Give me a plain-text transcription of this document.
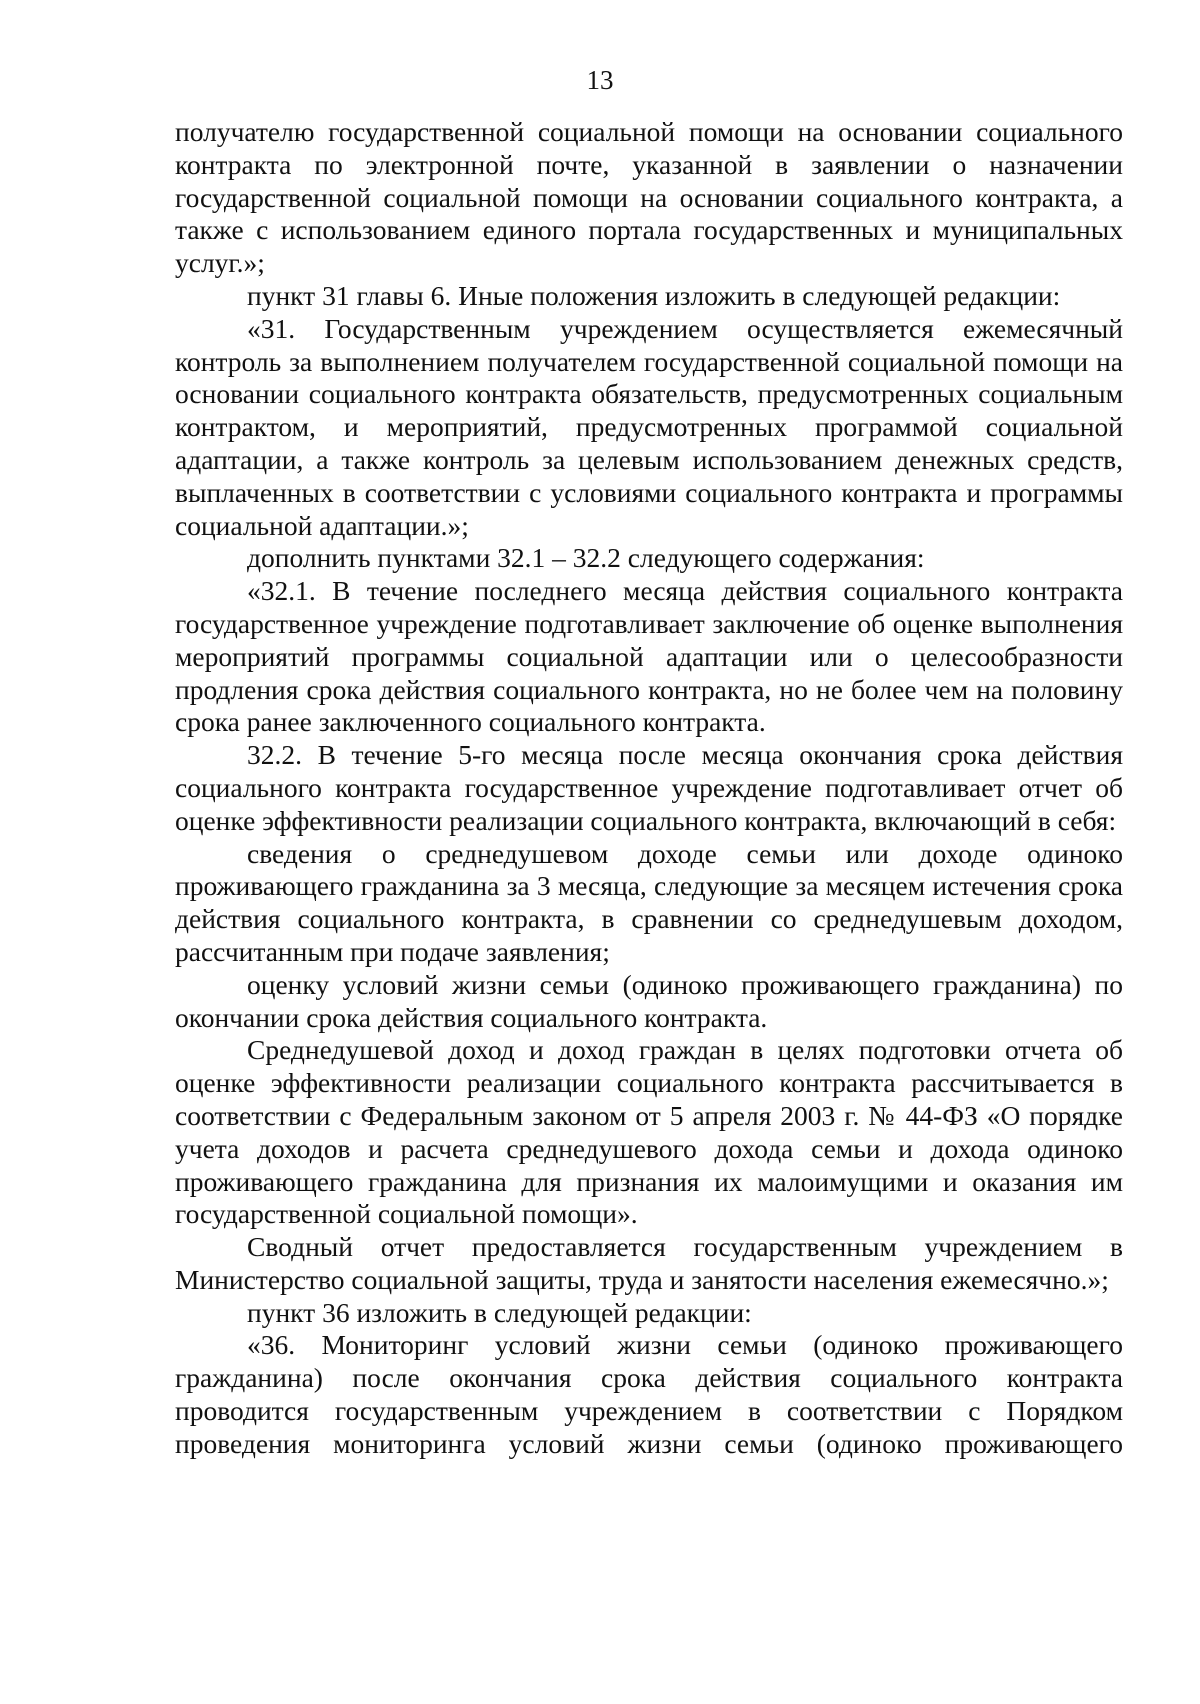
13

получателю государственной социальной помощи на основании социального контракта по электронной почте, указанной в заявлении о назначении государственной социальной помощи на основании социального контракта, а также с использованием единого портала государственных и муниципальных услуг.»;

пункт 31 главы 6. Иные положения изложить в следующей редакции:

«31. Государственным учреждением осуществляется ежемесячный контроль за выполнением получателем государственной социальной помощи на основании социального контракта обязательств, предусмотренных социальным контрактом, и мероприятий, предусмотренных программой социальной адаптации, а также контроль за целевым использованием денежных средств, выплаченных в соответствии с условиями социального контракта и программы социальной адаптации.»;

дополнить пунктами 32.1 – 32.2 следующего содержания:

«32.1. В течение последнего месяца действия социального контракта государственное учреждение подготавливает заключение об оценке выполнения мероприятий программы социальной адаптации или о целесообразности продления срока действия социального контракта, но не более чем на половину срока ранее заключенного социального контракта.

32.2. В течение 5-го месяца после месяца окончания срока действия социального контракта государственное учреждение подготавливает отчет об оценке эффективности реализации социального контракта, включающий в себя:

сведения о среднедушевом доходе семьи или доходе одиноко проживающего гражданина за 3 месяца, следующие за месяцем истечения срока действия социального контракта, в сравнении со среднедушевым доходом, рассчитанным при подаче заявления;

оценку условий жизни семьи (одиноко проживающего гражданина) по окончании срока действия социального контракта.

Среднедушевой доход и доход граждан в целях подготовки отчета об оценке эффективности реализации социального контракта рассчитывается в соответствии с Федеральным законом от 5 апреля 2003 г. № 44-ФЗ «О порядке учета доходов и расчета среднедушевого дохода семьи и дохода одиноко проживающего гражданина для признания их малоимущими и оказания им государственной социальной помощи».

Сводный отчет предоставляется государственным учреждением в Министерство социальной защиты, труда и занятости населения ежемесячно.»;

пункт 36 изложить в следующей редакции:

«36. Мониторинг условий жизни семьи (одиноко проживающего гражданина) после окончания срока действия социального контракта проводится государственным учреждением в соответствии с Порядком проведения мониторинга условий жизни семьи (одиноко проживающего
